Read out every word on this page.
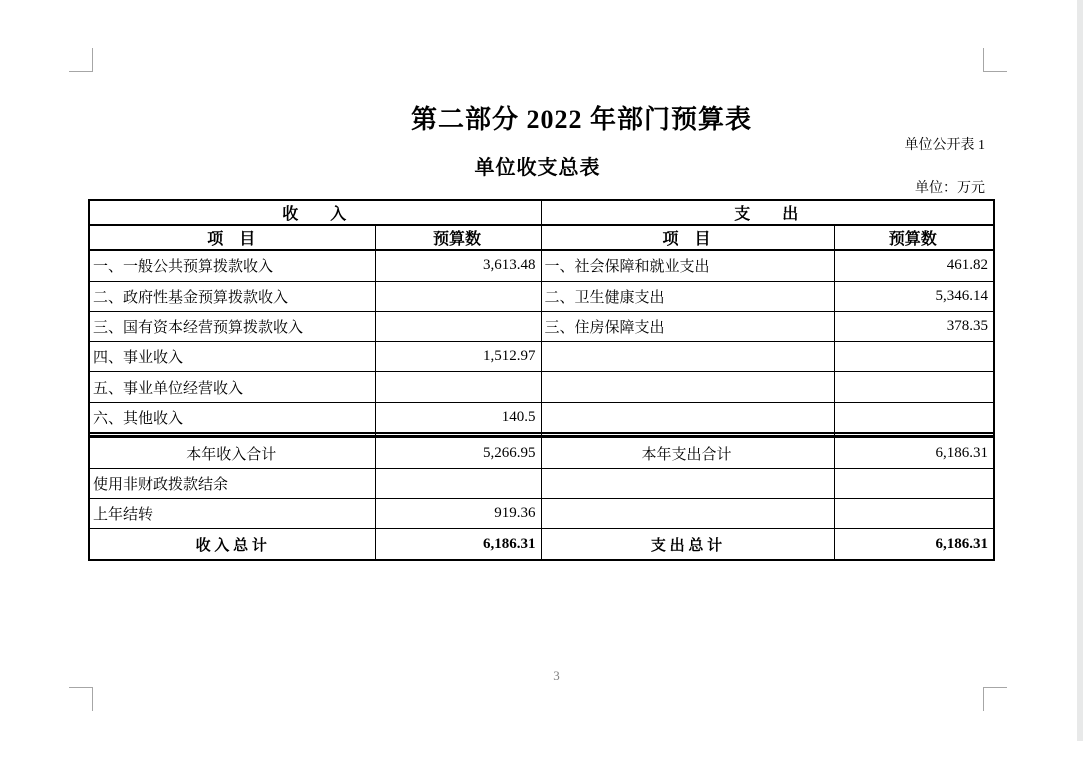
第二部分 2022 年部门预算表
单位公开表 1
单位收支总表
单位：万元
收　　入		支　　出	
项　目	预算数	项　目	预算数
一、一般公共预算拨款收入	3,613.48	一、社会保障和就业支出	461.82
二、政府性基金预算拨款收入		二、卫生健康支出	5,346.14
三、国有资本经营预算拨款收入		三、住房保障支出	378.35
四、事业收入	1,512.97		
五、事业单位经营收入			
六、其他收入	140.5		

本年收入合计	5,266.95	本年支出合计	6,186.31
使用非财政拨款结余			
上年结转	919.36		
收 入 总 计	6,186.31	支 出 总 计	6,186.31
3
